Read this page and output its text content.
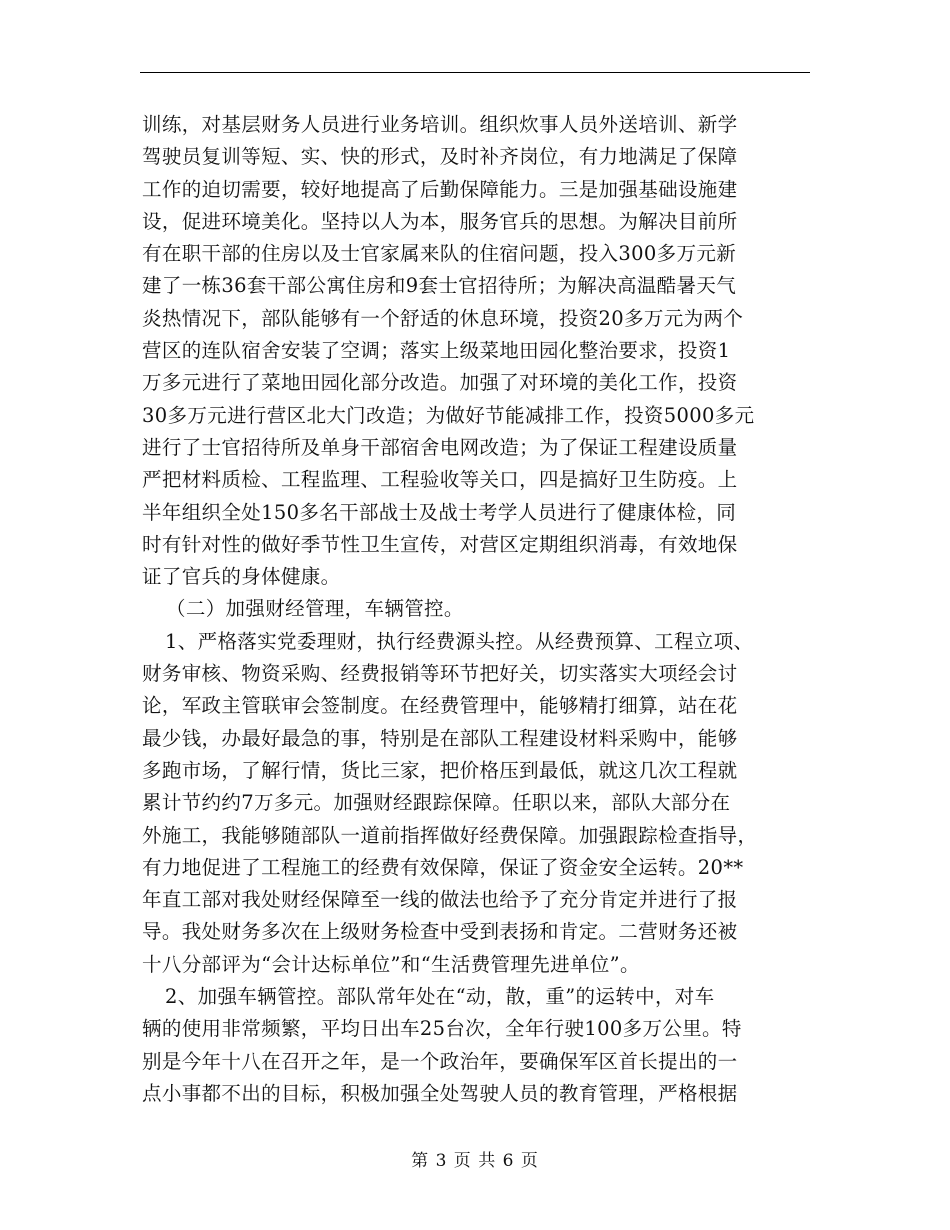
训练，对基层财务人员进行业务培训。组织炊事人员外送培训、新学
驾驶员复训等短、实、快的形式，及时补齐岗位，有力地满足了保障
工作的迫切需要，较好地提高了后勤保障能力。三是加强基础设施建
设，促进环境美化。坚持以人为本，服务官兵的思想。为解决目前所
有在职干部的住房以及士官家属来队的住宿问题，投入300多万元新
建了一栋36套干部公寓住房和9套士官招待所；为解决高温酷暑天气
炎热情况下，部队能够有一个舒适的休息环境，投资20多万元为两个
营区的连队宿舍安装了空调；落实上级菜地田园化整治要求，投资1
万多元进行了菜地田园化部分改造。加强了对环境的美化工作，投资
30多万元进行营区北大门改造；为做好节能减排工作，投资5000多元
进行了士官招待所及单身干部宿舍电网改造；为了保证工程建设质量
严把材料质检、工程监理、工程验收等关口，四是搞好卫生防疫。上
半年组织全处150多名干部战士及战士考学人员进行了健康体检，同
时有针对性的做好季节性卫生宣传，对营区定期组织消毒，有效地保
证了官兵的身体健康。
（二）加强财经管理，车辆管控。
1、严格落实党委理财，执行经费源头控。从经费预算、工程立项、
财务审核、物资采购、经费报销等环节把好关，切实落实大项经会讨
论，军政主管联审会签制度。在经费管理中，能够精打细算，站在花
最少钱，办最好最急的事，特别是在部队工程建设材料采购中，能够
多跑市场，了解行情，货比三家，把价格压到最低，就这几次工程就
累计节约约7万多元。加强财经跟踪保障。任职以来，部队大部分在
外施工，我能够随部队一道前指挥做好经费保障。加强跟踪检查指导，
有力地促进了工程施工的经费有效保障，保证了资金安全运转。20**
年直工部对我处财经保障至一线的做法也给予了充分肯定并进行了报
导。我处财务多次在上级财务检查中受到表扬和肯定。二营财务还被
十八分部评为“会计达标单位”和“生活费管理先进单位”。
2、加强车辆管控。部队常年处在“动，散，重”的运转中，对车
辆的使用非常频繁，平均日出车25台次，全年行驶100多万公里。特
别是今年十八在召开之年，是一个政治年，要确保军区首长提出的一
点小事都不出的目标，积极加强全处驾驶人员的教育管理，严格根据
第 3 页 共 6 页
